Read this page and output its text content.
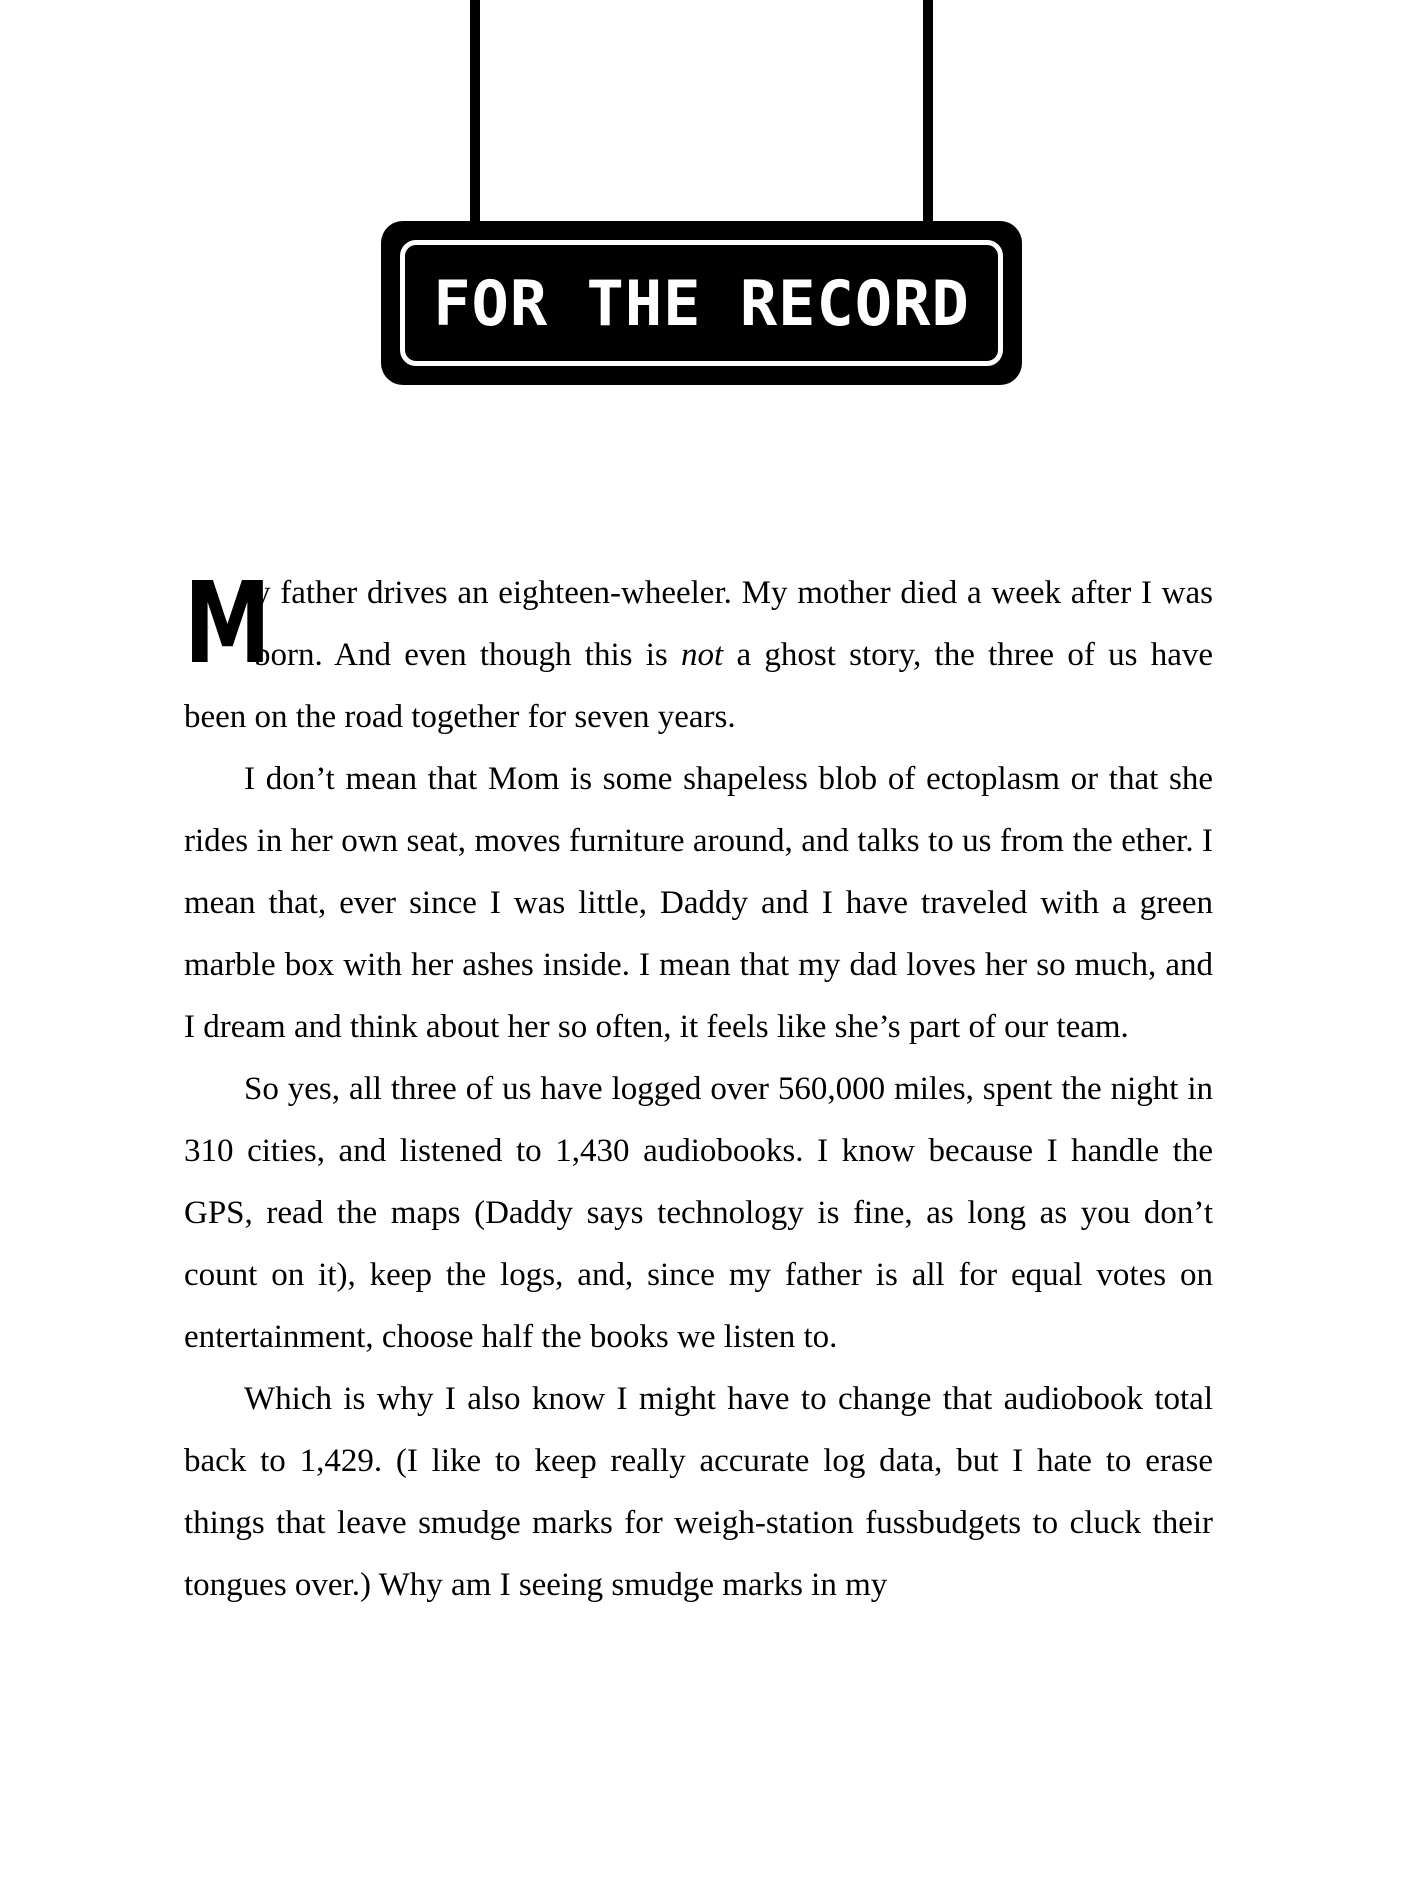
FOR THE RECORD

M
y father drives an eighteen-wheeler. My mother died a week after I was born. And even though this is not a ghost story, the three of us have been on the road together for seven years.

I don’t mean that Mom is some shapeless blob of ectoplasm or that she rides in her own seat, moves furniture around, and talks to us from the ether. I mean that, ever since I was little, Daddy and I have traveled with a green marble box with her ashes inside. I mean that my dad loves her so much, and I dream and think about her so often, it feels like she’s part of our team.

So yes, all three of us have logged over 560,000 miles, spent the night in 310 cities, and listened to 1,430 audiobooks. I know because I handle the GPS, read the maps (Daddy says technology is fine, as long as you don’t count on it), keep the logs, and, since my father is all for equal votes on entertainment, choose half the books we listen to.

Which is why I also know I might have to change that audiobook total back to 1,429. (I like to keep really accurate log data, but I hate to erase things that leave smudge marks for weigh-station fussbudgets to cluck their tongues over.) Why am I seeing smudge marks in my
